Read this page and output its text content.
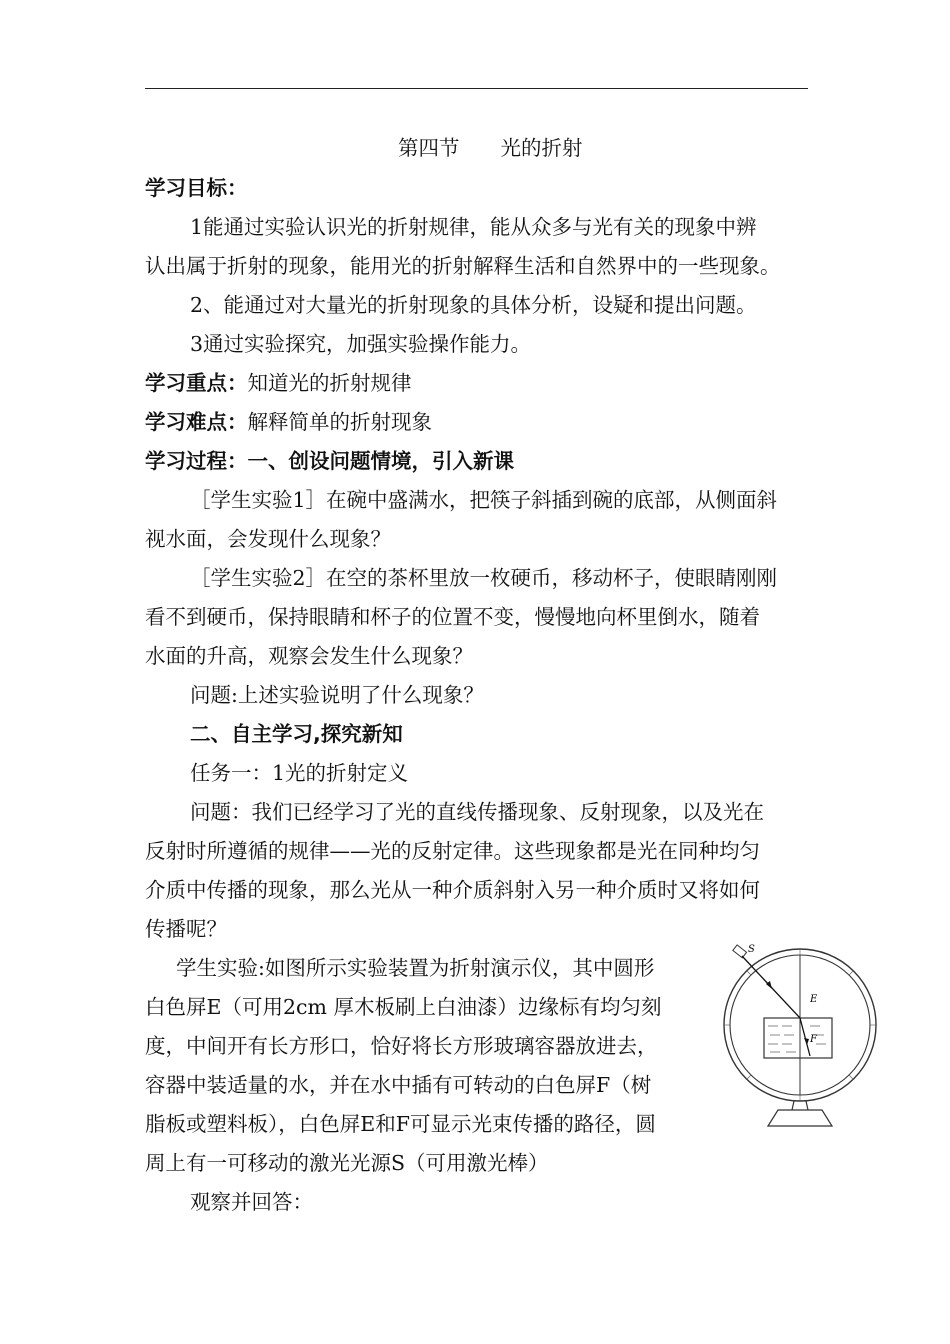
第四节　　光的折射
学习目标：
1能通过实验认识光的折射规律，能从众多与光有关的现象中辨
认出属于折射的现象，能用光的折射解释生活和自然界中的一些现象。
2、能通过对大量光的折射现象的具体分析，设疑和提出问题。
3通过实验探究，加强实验操作能力。
学习重点：知道光的折射规律
学习难点：解释简单的折射现象
学习过程：一、创设问题情境，引入新课
［学生实验1］在碗中盛满水，把筷子斜插到碗的底部，从侧面斜
视水面，会发现什么现象？
［学生实验2］在空的茶杯里放一枚硬币，移动杯子，使眼睛刚刚
看不到硬币，保持眼睛和杯子的位置不变，慢慢地向杯里倒水，随着
水面的升高，观察会发生什么现象？
问题:上述实验说明了什么现象？
二、自主学习,探究新知
任务一：1光的折射定义
问题：我们已经学习了光的直线传播现象、反射现象，以及光在
反射时所遵循的规律——光的反射定律。这些现象都是光在同种均匀
介质中传播的现象，那么光从一种介质斜射入另一种介质时又将如何
传播呢？
学生实验:如图所示实验装置为折射演示仪，其中圆形
白色屏E（可用2cm 厚木板刷上白油漆）边缘标有均匀刻
度，中间开有长方形口，恰好将长方形玻璃容器放进去，
容器中装适量的水，并在水中插有可转动的白色屏F（树
脂板或塑料板），白色屏E和F可显示光束传播的路径，圆
周上有一可移动的激光光源S（可用激光棒）
观察并回答：
S
E
F
